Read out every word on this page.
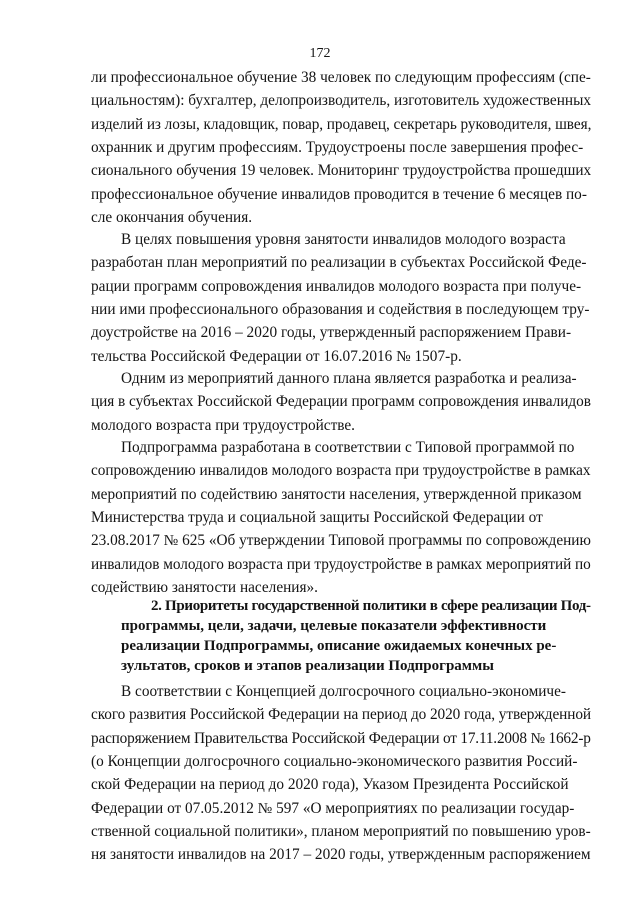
172
ли профессиональное обучение 38 человек по следующим профессиям (спе-
циальностям): бухгалтер, делопроизводитель, изготовитель художественных
изделий из лозы, кладовщик, повар, продавец, секретарь руководителя, швея,
охранник и другим профессиям. Трудоустроены после завершения профес-
сионального обучения 19 человек. Мониторинг трудоустройства прошедших
профессиональное обучение инвалидов проводится в течение 6 месяцев по-
сле окончания обучения.
В целях повышения уровня занятости инвалидов молодого возраста
разработан план мероприятий по реализации в субъектах Российской Феде-
рации программ сопровождения инвалидов молодого возраста при получе-
нии ими профессионального образования и содействия в последующем тру-
доустройстве на 2016 – 2020 годы, утвержденный распоряжением Прави-
тельства Российской Федерации от 16.07.2016 № 1507-р.
Одним из мероприятий данного плана является разработка и реализа-
ция в субъектах Российской Федерации программ сопровождения инвалидов
молодого возраста при трудоустройстве.
Подпрограмма разработана в соответствии с Типовой программой по
сопровождению инвалидов молодого возраста при трудоустройстве в рамках
мероприятий по содействию занятости населения, утвержденной приказом
Министерства труда и социальной защиты Российской Федерации от
23.08.2017 № 625 «Об утверждении Типовой программы по сопровождению
инвалидов молодого возраста при трудоустройстве в рамках мероприятий по
содействию занятости населения».
2. Приоритеты государственной политики в сфере реализации Под-
программы, цели, задачи, целевые показатели эффективности
реализации Подпрограммы, описание ожидаемых конечных ре-
зультатов, сроков и этапов реализации Подпрограммы
В соответствии с Концепцией долгосрочного социально-экономиче-
ского развития Российской Федерации на период до 2020 года, утвержденной
распоряжением Правительства Российской Федерации от 17.11.2008 № 1662-р
(о Концепции долгосрочного социально-экономического развития Россий-
ской Федерации на период до 2020 года), Указом Президента Российской
Федерации от 07.05.2012 № 597 «О мероприятиях по реализации государ-
ственной социальной политики», планом мероприятий по повышению уров-
ня занятости инвалидов на 2017 – 2020 годы, утвержденным распоряжением
